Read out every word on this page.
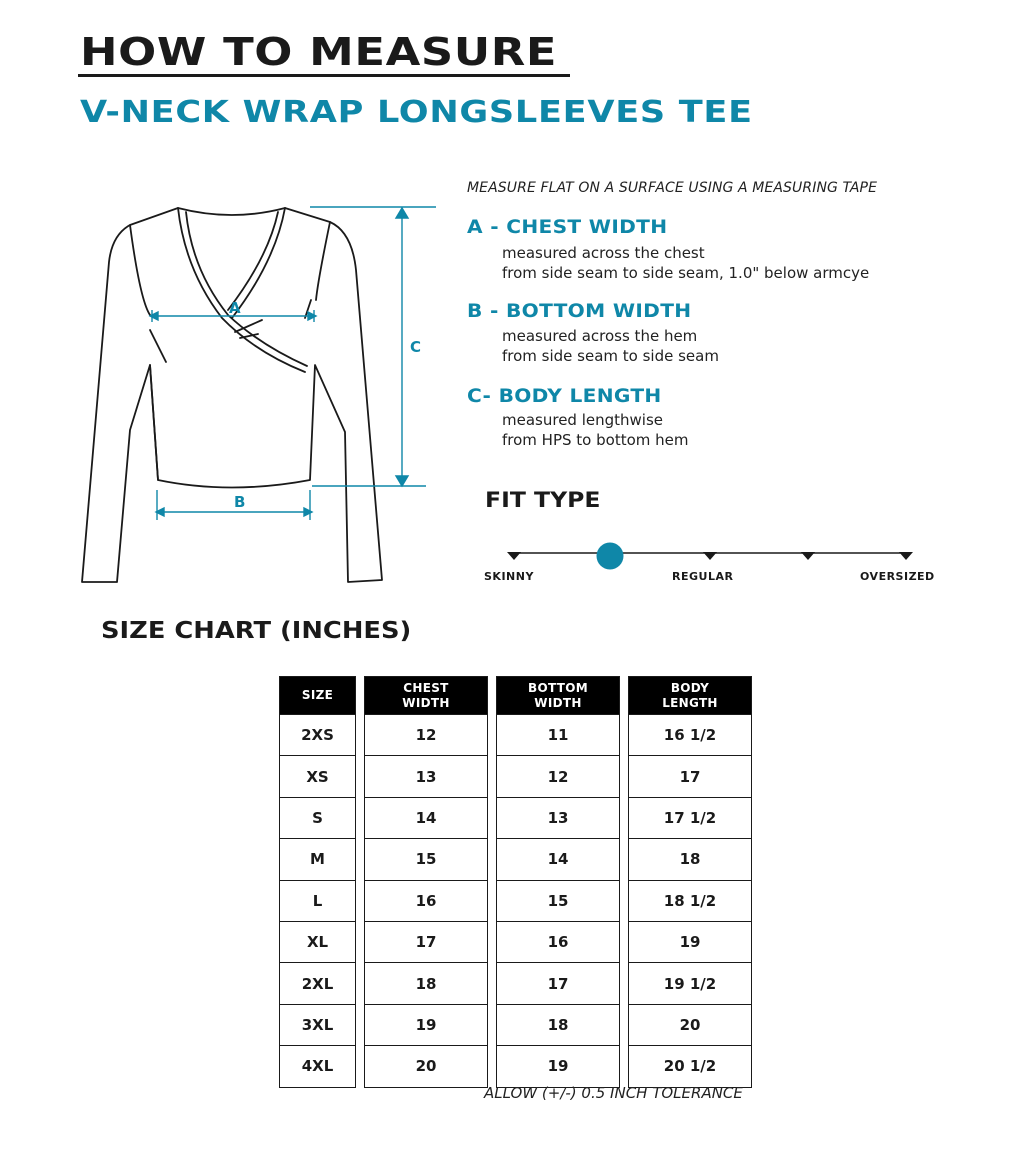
HOW TO MEASURE
V-NECK WRAP LONGSLEEVES TEE
A
B
C
MEASURE FLAT ON A SURFACE USING A MEASURING TAPE
A - CHEST WIDTH
measured across the chest
from side seam to side seam, 1.0" below armcye
B - BOTTOM WIDTH
measured across the hem
from side seam to side seam
C- BODY LENGTH
measured lengthwise
from HPS to bottom hem
FIT TYPE
SKINNY	REGULAR	OVERSIZED
SIZE CHART (INCHES)
SIZE
2XS
XS
S
M
L
XL
2XL
3XL
4XL
CHEST
WIDTH
12
13
14
15
16
17
18
19
20
BOTTOM
WIDTH
11
12
13
14
15
16
17
18
19
BODY
LENGTH
16 1/2
17
17 1/2
18
18 1/2
19
19 1/2
20
20 1/2
ALLOW (+/-) 0.5 INCH TOLERANCE
